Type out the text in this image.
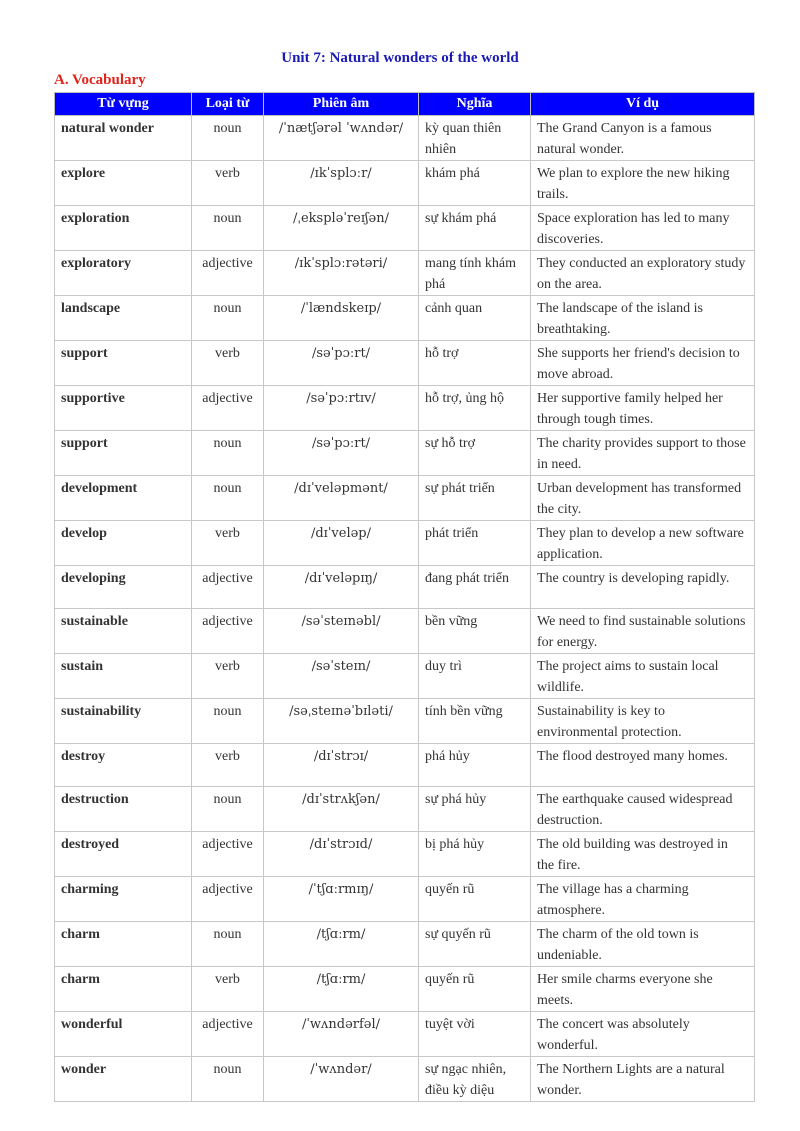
Unit 7: Natural wonders of the world
A. Vocabulary
Từ vựng	Loại từ	Phiên âm	Nghĩa	Ví dụ
natural wonder	noun	/ˈnætʃərəl ˈwʌndər/	kỳ quan thiên nhiên	The Grand Canyon is a famous natural wonder.
explore	verb	/ɪkˈsplɔːr/	khám phá	We plan to explore the new hiking trails.
exploration	noun	/ˌekspləˈreɪʃən/	sự khám phá	Space exploration has led to many discoveries.
exploratory	adjective	/ɪkˈsplɔːrətəri/	mang tính khám phá	They conducted an exploratory study on the area.
landscape	noun	/ˈlændskeɪp/	cảnh quan	The landscape of the island is breathtaking.
support	verb	/səˈpɔːrt/	hỗ trợ	She supports her friend's decision to move abroad.
supportive	adjective	/səˈpɔːrtɪv/	hỗ trợ, ủng hộ	Her supportive family helped her through tough times.
support	noun	/səˈpɔːrt/	sự hỗ trợ	The charity provides support to those in need.
development	noun	/dɪˈveləpmənt/	sự phát triển	Urban development has transformed the city.
develop	verb	/dɪˈveləp/	phát triển	They plan to develop a new software application.
developing	adjective	/dɪˈveləpɪŋ/	đang phát triển	The country is developing rapidly.
sustainable	adjective	/səˈsteɪnəbl/	bền vững	We need to find sustainable solutions for energy.
sustain	verb	/səˈsteɪn/	duy trì	The project aims to sustain local wildlife.
sustainability	noun	/səˌsteɪnəˈbɪləti/	tính bền vững	Sustainability is key to environmental protection.
destroy	verb	/dɪˈstrɔɪ/	phá hủy	The flood destroyed many homes.
destruction	noun	/dɪˈstrʌkʃən/	sự phá hủy	The earthquake caused widespread destruction.
destroyed	adjective	/dɪˈstrɔɪd/	bị phá hủy	The old building was destroyed in the fire.
charming	adjective	/ˈtʃɑːrmɪŋ/	quyến rũ	The village has a charming atmosphere.
charm	noun	/tʃɑːrm/	sự quyến rũ	The charm of the old town is undeniable.
charm	verb	/tʃɑːrm/	quyến rũ	Her smile charms everyone she meets.
wonderful	adjective	/ˈwʌndərfəl/	tuyệt vời	The concert was absolutely wonderful.
wonder	noun	/ˈwʌndər/	sự ngạc nhiên, điều kỳ diệu	The Northern Lights are a natural wonder.
